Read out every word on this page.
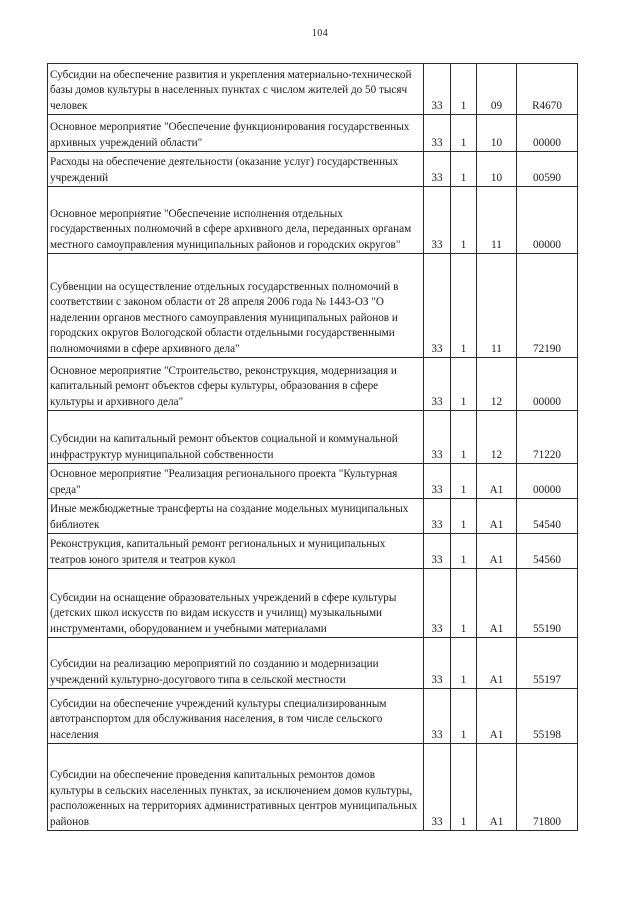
104
Субсидии на обеспечение развития и укрепления материально-технической базы домов культуры в населенных пунктах с числом жителей до 50 тысяч человек	33	1	09	R4670
Основное мероприятие "Обеспечение функционирования государственных архивных учреждений области"	33	1	10	00000
Расходы на обеспечение деятельности (оказание услуг) государственных учреждений	33	1	10	00590
Основное мероприятие "Обеспечение исполнения отдельных государственных полномочий в сфере архивного дела, переданных органам местного самоуправления муниципальных районов и городских округов"	33	1	11	00000
Субвенции на осуществление отдельных государственных полномочий в соответствии с законом области от 28 апреля 2006 года № 1443-ОЗ "О наделении органов местного самоуправления муниципальных районов и городских округов Вологодской области отдельными государственными полномочиями в сфере архивного дела"	33	1	11	72190
Основное мероприятие "Строительство, реконструкция, модернизация и капитальный ремонт объектов сферы культуры, образования в сфере культуры и архивного дела"	33	1	12	00000
Субсидии на капитальный ремонт объектов социальной и коммунальной инфраструктур муниципальной собственности	33	1	12	71220
Основное мероприятие "Реализация регионального проекта "Культурная среда"	33	1	A1	00000
Иные межбюджетные трансферты на создание модельных муниципальных библиотек	33	1	A1	54540
Реконструкция, капитальный ремонт региональных и муниципальных театров юного зрителя и театров кукол	33	1	A1	54560
Субсидии на оснащение образовательных учреждений в сфере культуры (детских школ искусств по видам искусств и училищ) музыкальными инструментами, оборудованием и учебными материалами	33	1	A1	55190
Субсидии на реализацию мероприятий по созданию и модернизации учреждений культурно-досугового типа в сельской местности	33	1	A1	55197
Субсидии на обеспечение учреждений культуры специализированным автотранспортом для обслуживания населения, в том числе сельского населения	33	1	A1	55198
Субсидии на обеспечение проведения капитальных ремонтов домов культуры в сельских населенных пунктах, за исключением домов культуры, расположенных на территориях административных центров муниципальных районов	33	1	A1	71800
